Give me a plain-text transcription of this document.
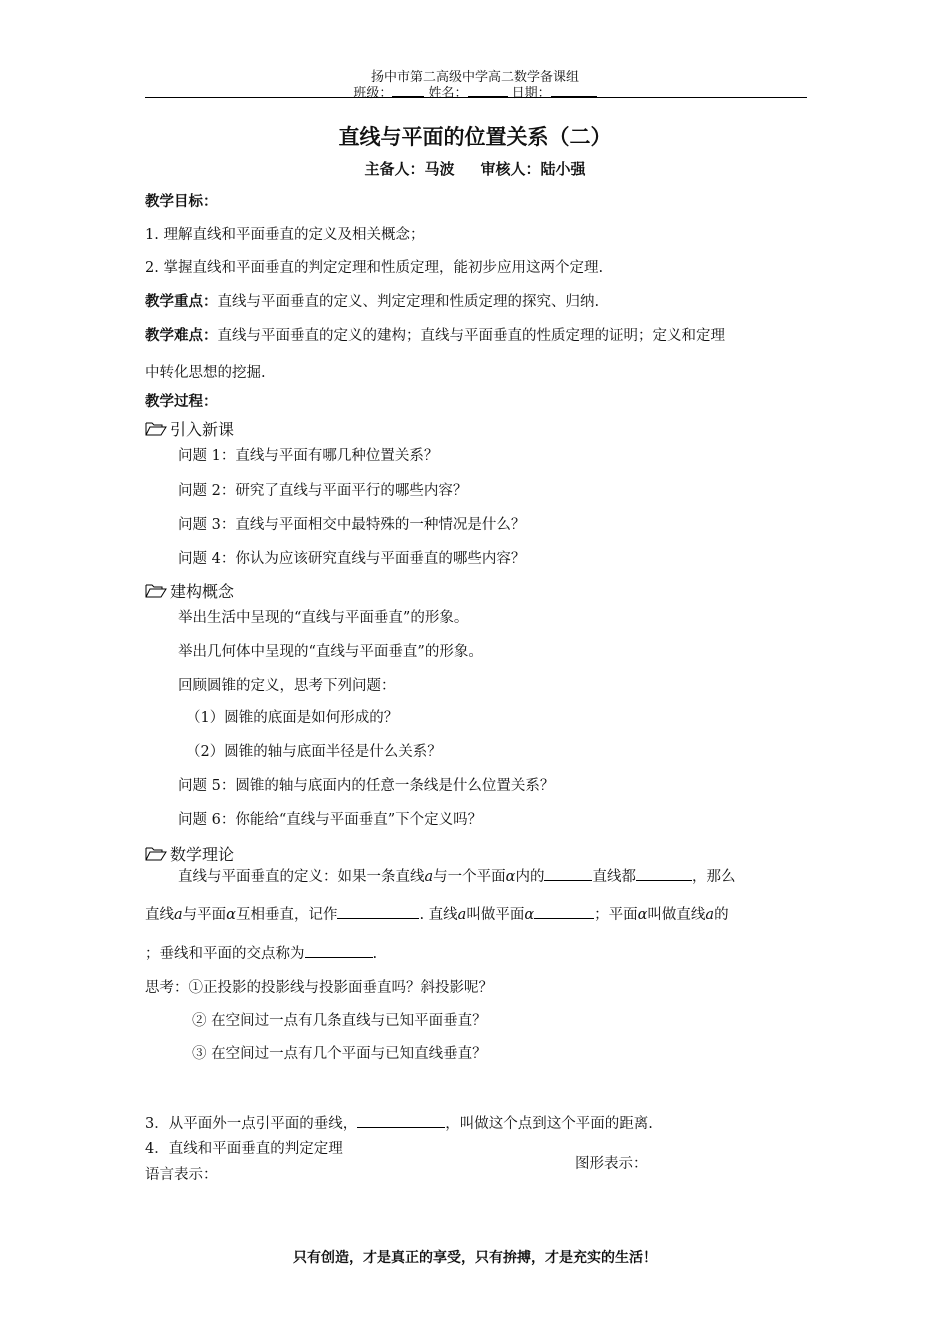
扬中市第二高级中学高二数学备课组
班级：	姓名：	日期：
直线与平面的位置关系（二）
主备人：马波 审核人：陆小强
教学目标：
1. 理解直线和平面垂直的定义及相关概念；
2. 掌握直线和平面垂直的判定定理和性质定理，能初步应用这两个定理.
教学重点：直线与平面垂直的定义、判定定理和性质定理的探究、归纳.
教学难点：直线与平面垂直的定义的建构；直线与平面垂直的性质定理的证明；定义和定理
中转化思想的挖掘.
教学过程：
引入新课
问题 1：直线与平面有哪几种位置关系？
问题 2：研究了直线与平面平行的哪些内容？
问题 3：直线与平面相交中最特殊的一种情况是什么？
问题 4：你认为应该研究直线与平面垂直的哪些内容？
建构概念
举出生活中呈现的“直线与平面垂直”的形象。
举出几何体中呈现的“直线与平面垂直”的形象。
回顾圆锥的定义，思考下列问题：
（1）圆锥的底面是如何形成的？
（2）圆锥的轴与底面半径是什么关系？
问题 5：圆锥的轴与底面内的任意一条线是什么位置关系？
问题 6：你能给“直线与平面垂直”下个定义吗？
数学理论
直线与平面垂直的定义：如果一条直线a与一个平面α内的	直线都	，那么
直线a与平面α互相垂直，记作	. 直线a叫做平面α	；平面α叫做直线a的
；垂线和平面的交点称为	.
思考：①正投影的投影线与投影面垂直吗？斜投影呢？
② 在空间过一点有几条直线与已知平面垂直？
③ 在空间过一点有几个平面与已知直线垂直？
3．从平面外一点引平面的垂线，	，叫做这个点到这个平面的距离.
4．直线和平面垂直的判定定理
语言表示：
图形表示：
只有创造，才是真正的享受，只有拚搏，才是充实的生活！
